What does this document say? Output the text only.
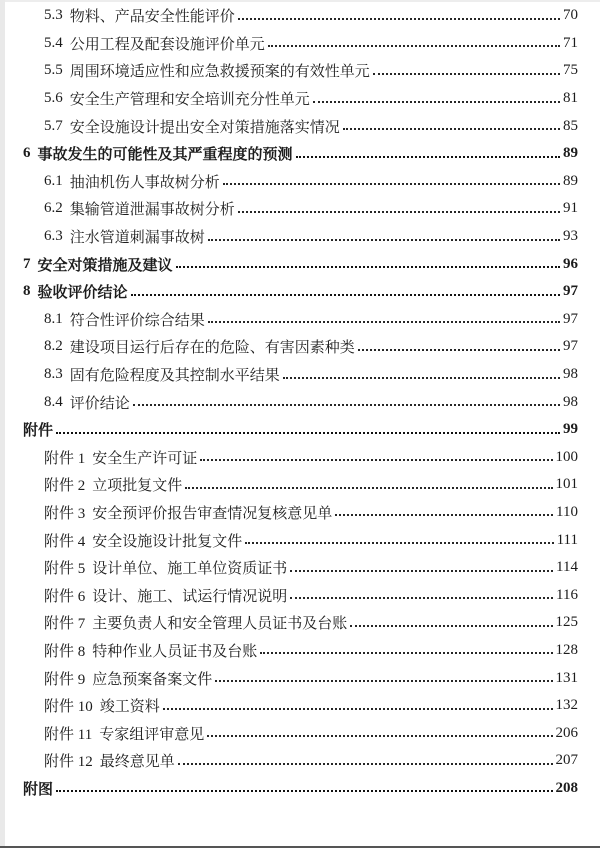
5.3 物料、产品安全性能评价	70
5.4 公用工程及配套设施评价单元	71
5.5 周围环境适应性和应急救援预案的有效性单元	75
5.6 安全生产管理和安全培训充分性单元	81
5.7 安全设施设计提出安全对策措施落实情况	85
6 事故发生的可能性及其严重程度的预测	89
6.1 抽油机伤人事故树分析	89
6.2 集输管道泄漏事故树分析	91
6.3 注水管道刺漏事故树	93
7 安全对策措施及建议	96
8 验收评价结论	97
8.1 符合性评价综合结果	97
8.2 建设项目运行后存在的危险、有害因素种类	97
8.3 固有危险程度及其控制水平结果	98
8.4 评价结论	98
附件	99
附件 1 安全生产许可证	100
附件 2 立项批复文件	101
附件 3 安全预评价报告审查情况复核意见单	110
附件 4 安全设施设计批复文件	111
附件 5 设计单位、施工单位资质证书	114
附件 6 设计、施工、试运行情况说明	116
附件 7 主要负责人和安全管理人员证书及台账	125
附件 8 特种作业人员证书及台账	128
附件 9 应急预案备案文件	131
附件 10 竣工资料	132
附件 11 专家组评审意见	206
附件 12 最终意见单	207
附图	208
